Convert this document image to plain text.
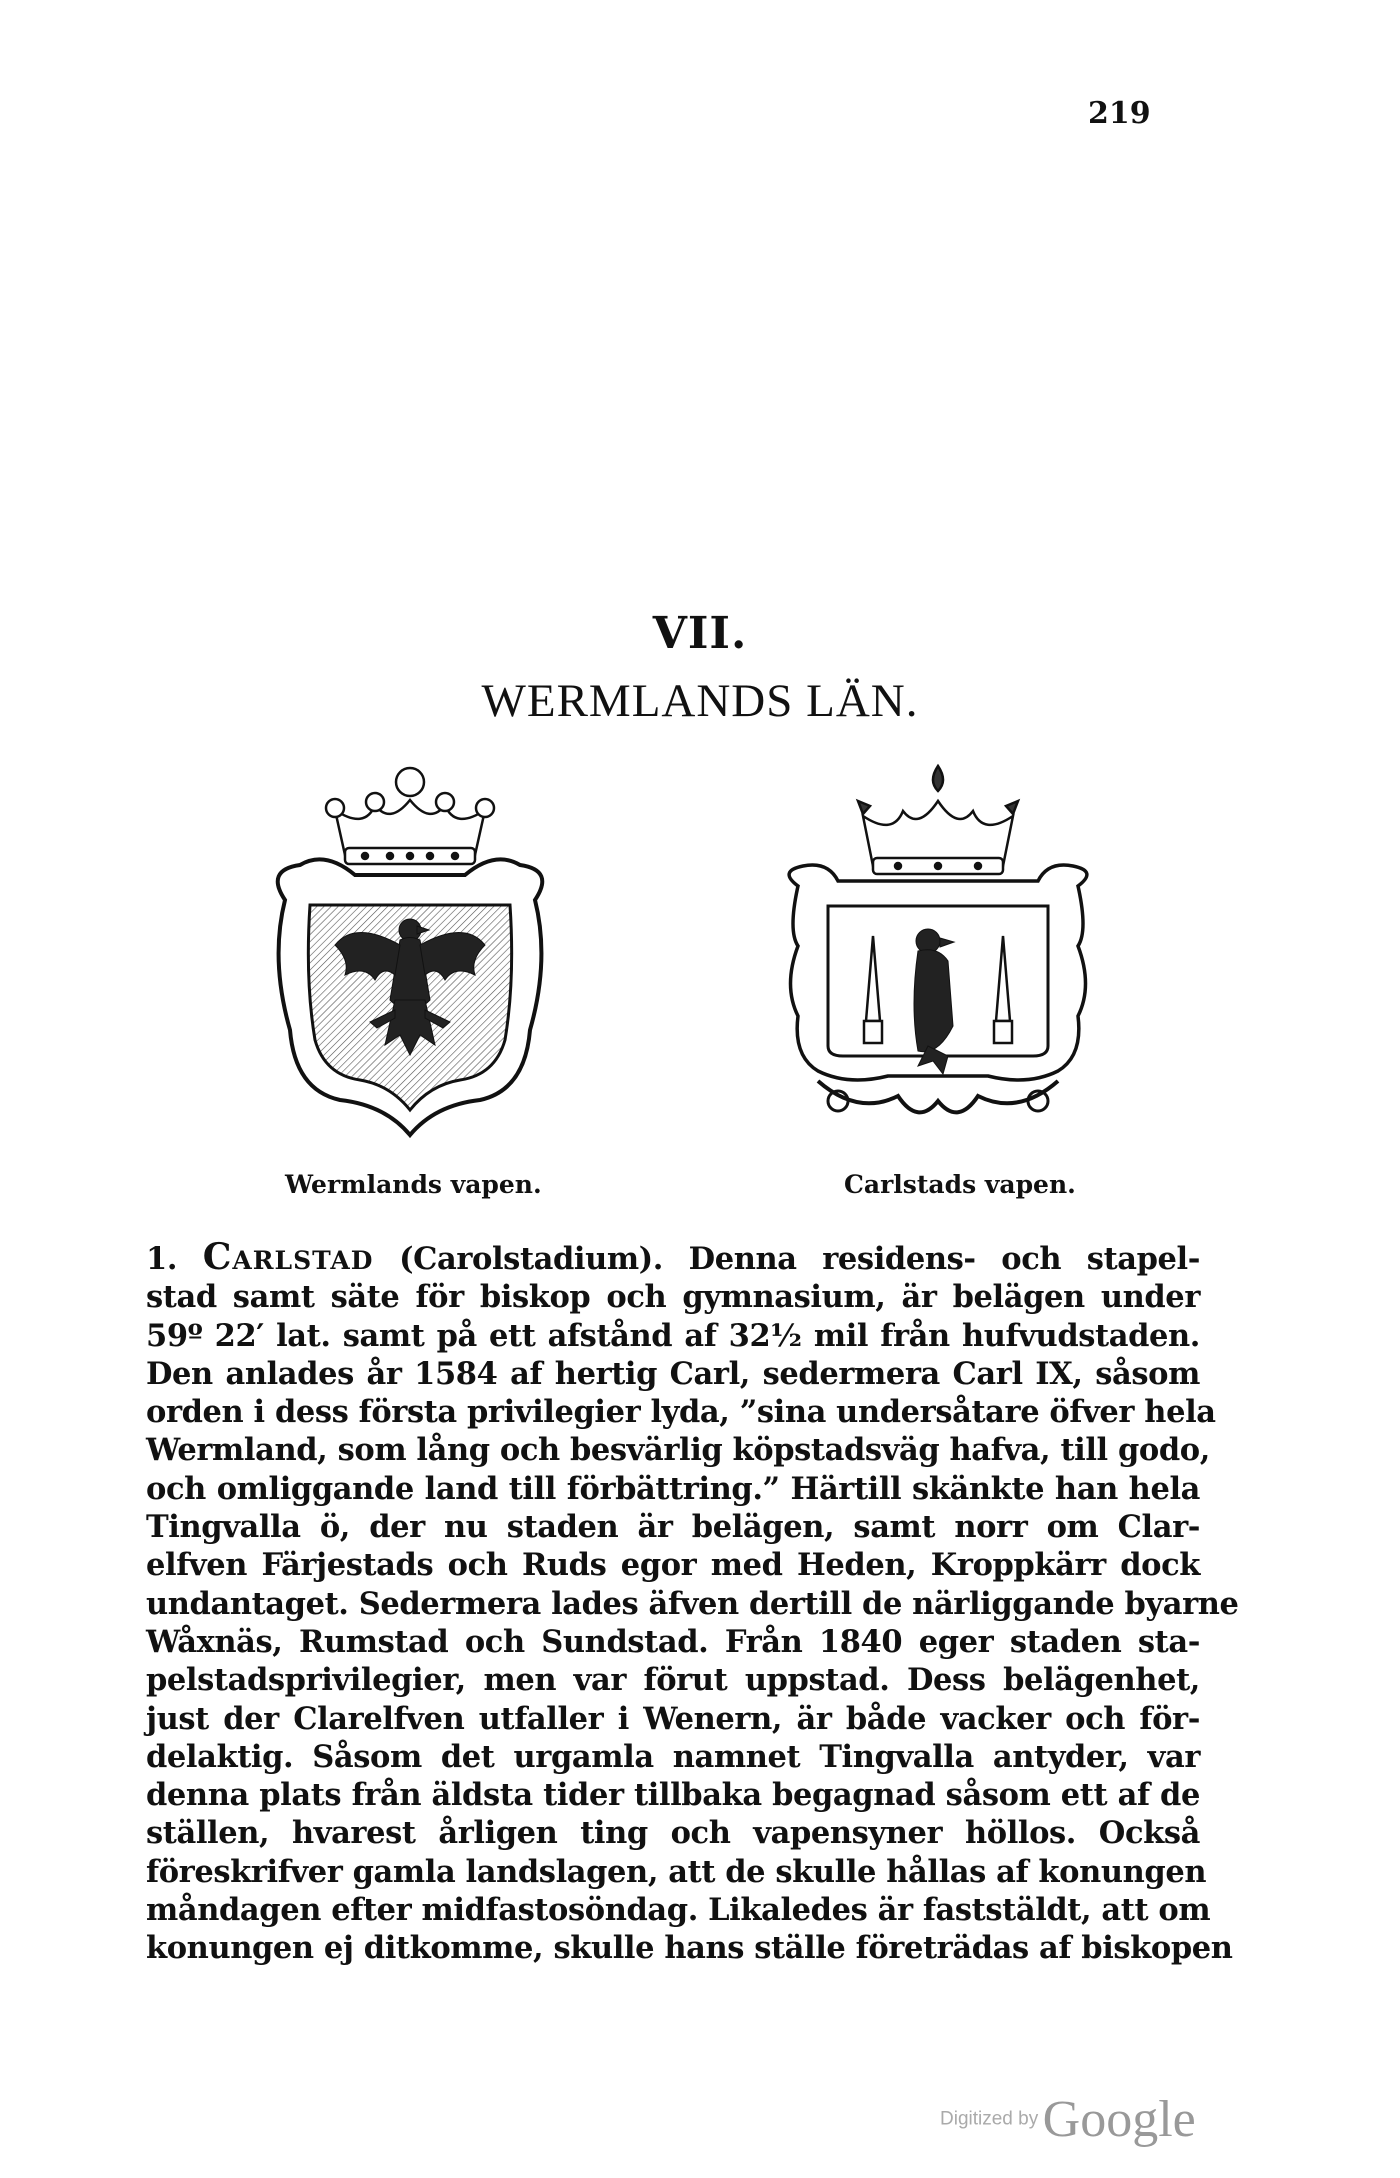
219
VII.
WERMLANDS LÄN.
Wermlands vapen.	Carlstads vapen.
1. Carlstad (Carolstadium). Denna residens- och stapel-
stad samt säte för biskop och gymnasium, är belägen under
59º 22′ lat. samt på ett afstånd af 32½ mil från hufvudstaden.
Den anlades år 1584 af hertig Carl, sedermera Carl IX, såsom
orden i dess första privilegier lyda, ”sina undersåtare öfver hela
Wermland, som lång och besvärlig köpstadsväg hafva, till godo,
och omliggande land till förbättring.” Härtill skänkte han hela
Tingvalla ö, der nu staden är belägen, samt norr om Clar-
elfven Färjestads och Ruds egor med Heden, Kroppkärr dock
undantaget. Sedermera lades äfven dertill de närliggande byarne
Wåxnäs, Rumstad och Sundstad. Från 1840 eger staden sta-
pelstadsprivilegier, men var förut uppstad. Dess belägenhet,
just der Clarelfven utfaller i Wenern, är både vacker och för-
delaktig. Såsom det urgamla namnet Tingvalla antyder, var
denna plats från äldsta tider tillbaka begagnad såsom ett af de
ställen, hvarest årligen ting och vapensyner höllos. Också
föreskrifver gamla landslagen, att de skulle hållas af konungen
måndagen efter midfastosöndag. Likaledes är faststäldt, att om
konungen ej ditkomme, skulle hans ställe företrädas af biskopen
Digitized by Google
